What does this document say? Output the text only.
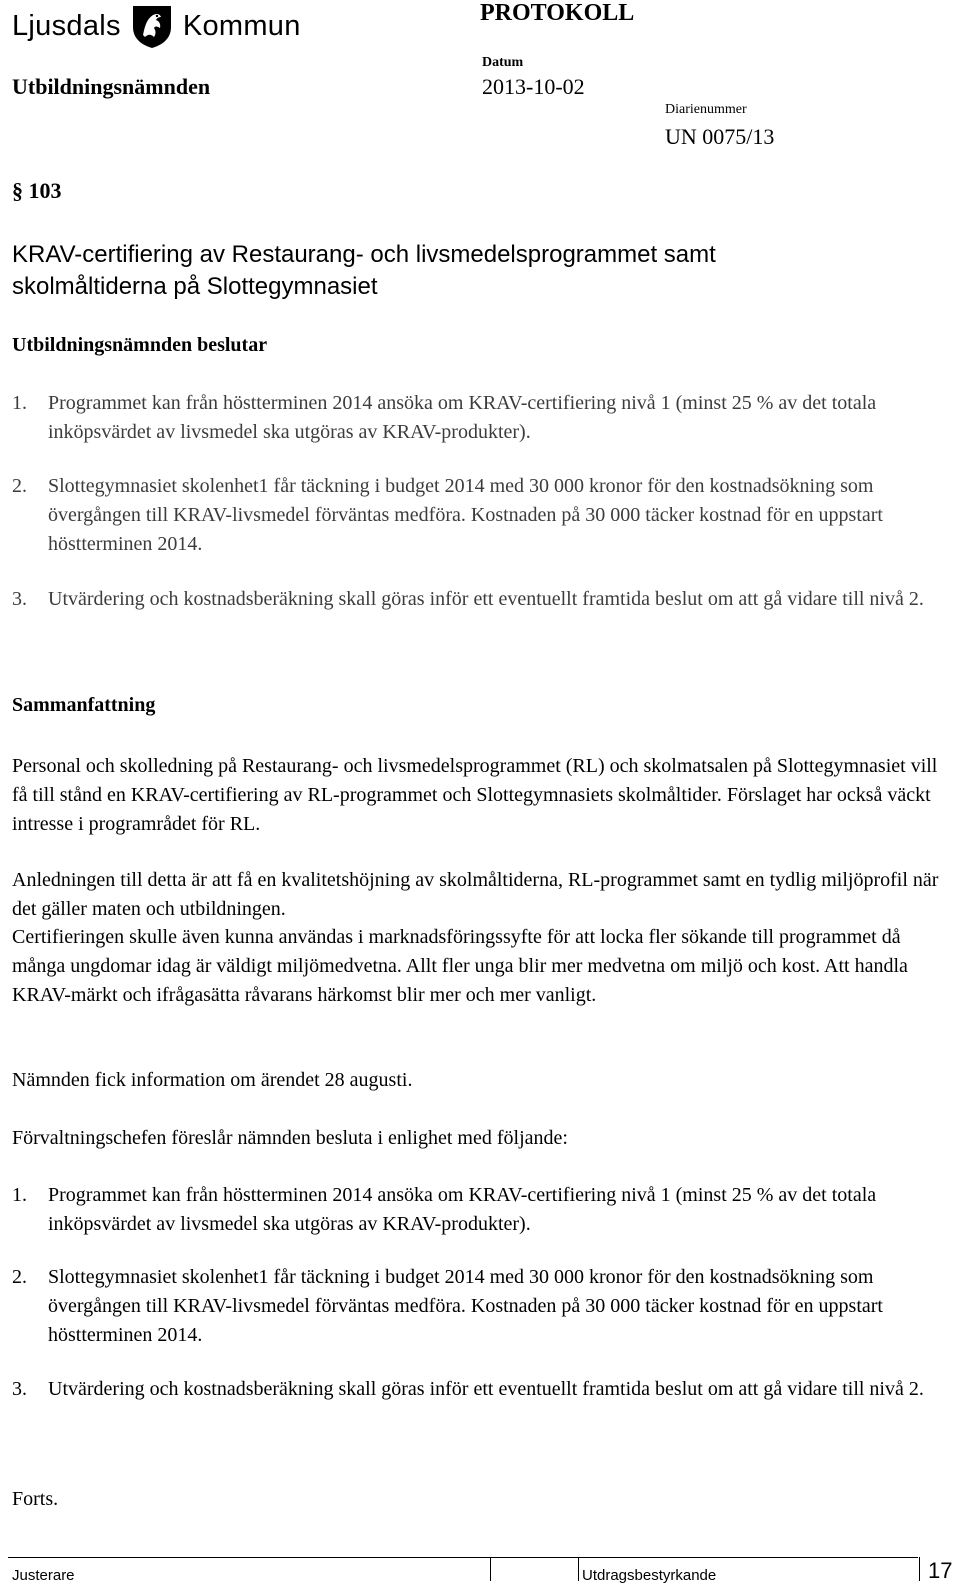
Ljusdals Kommun
Utbildningsnämnden
PROTOKOLL
Datum
2013-10-02
Diarienummer
UN 0075/13
§ 103
KRAV-certifiering av Restaurang- och livsmedelsprogrammet samt
skolmåltiderna på Slottegymnasiet
Utbildningsnämnden beslutar
1.	Programmet kan från höstterminen 2014 ansöka om KRAV-certifiering nivå 1 (minst 25 % av det totala inköpsvärdet av livsmedel ska utgöras av KRAV-produkter).
2.	Slottegymnasiet skolenhet1 får täckning i budget 2014 med 30 000 kronor för den kostnadsökning som övergången till KRAV-livsmedel förväntas medföra. Kostnaden på 30 000 täcker kostnad för en uppstart höstterminen 2014.
3.	Utvärdering och kostnadsberäkning skall göras inför ett eventuellt framtida beslut om att gå vidare till nivå 2.
Sammanfattning
Personal och skolledning på Restaurang- och livsmedelsprogrammet (RL) och skolmatsalen på Slottegymnasiet vill få till stånd en KRAV-certifiering av RL-programmet och Slottegymnasiets skolmåltider. Förslaget har också väckt intresse i programrådet för RL.
Anledningen till detta är att få en kvalitetshöjning av skolmåltiderna, RL-programmet samt en tydlig miljöprofil när det gäller maten och utbildningen.
Certifieringen skulle även kunna användas i marknadsföringssyfte för att locka fler sökande till programmet då många ungdomar idag är väldigt miljömedvetna. Allt fler unga blir mer medvetna om miljö och kost. Att handla KRAV-märkt och ifrågasätta råvarans härkomst blir mer och mer vanligt.
Nämnden fick information om ärendet 28 augusti.
Förvaltningschefen föreslår nämnden besluta i enlighet med följande:
1.	Programmet kan från höstterminen 2014 ansöka om KRAV-certifiering nivå 1 (minst 25 % av det totala inköpsvärdet av livsmedel ska utgöras av KRAV-produkter).
2.	Slottegymnasiet skolenhet1 får täckning i budget 2014 med 30 000 kronor för den kostnadsökning som övergången till KRAV-livsmedel förväntas medföra. Kostnaden på 30 000 täcker kostnad för en uppstart höstterminen 2014.
3.	Utvärdering och kostnadsberäkning skall göras inför ett eventuellt framtida beslut om att gå vidare till nivå 2.
Forts.
Justerare	Utdragsbestyrkande	17
